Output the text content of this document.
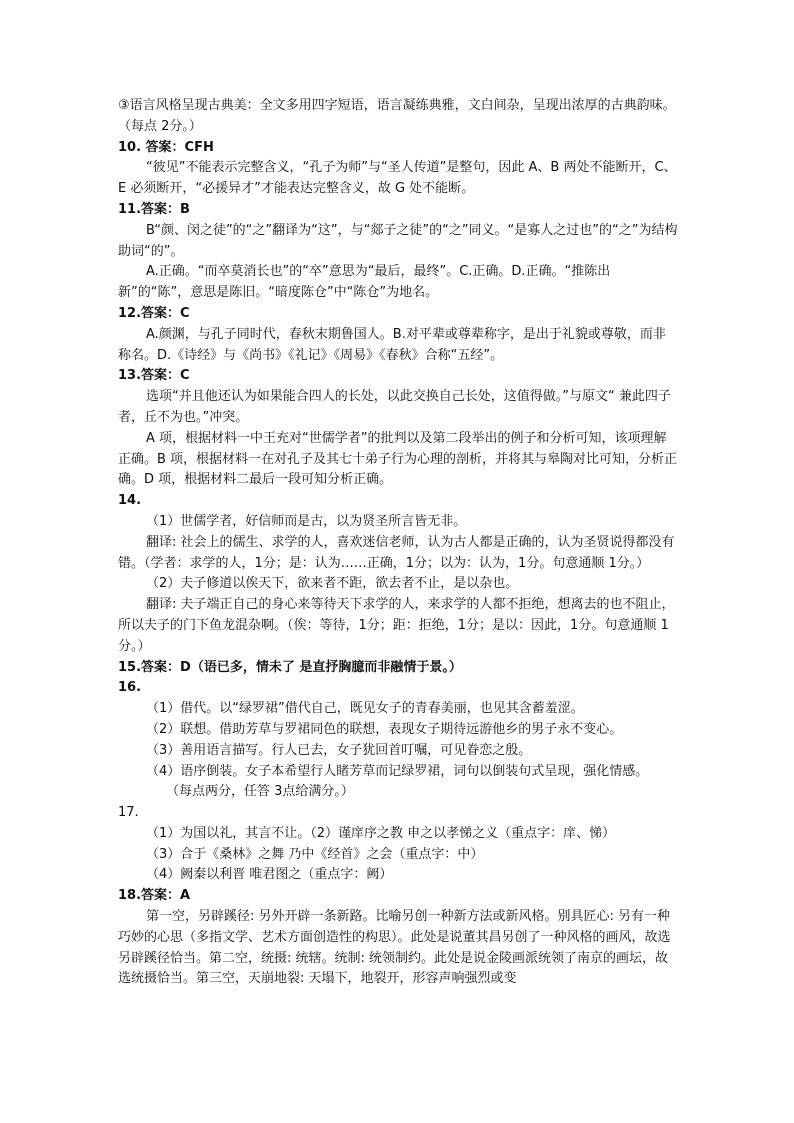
③语言风格呈现古典美：全文多用四字短语，语言凝练典雅，文白间杂，呈现出浓厚的古典韵味。（每点 2分。）

10. 答案：CFH

“彼见”不能表示完整含义，“孔子为师”与“圣人传道”是整句，因此 A、B 两处不能断开，C、E 必须断开，“必援异才”才能表达完整含义，故 G 处不能断。

11.答案：B

B“颜、闵之徒”的“之”翻译为“这”，与“郯子之徒”的“之”同义。“是寡人之过也”的“之”为结构助词“的”。

A.正确。“而卒莫消长也”的“卒”意思为“最后，最终”。C.正确。D.正确。“推陈出新”的“陈”，意思是陈旧。“暗度陈仓”中“陈仓”为地名。

12.答案：C

A.颜渊，与孔子同时代，春秋末期鲁国人。B.对平辈或尊辈称字，是出于礼貌或尊敬，而非称名。D.《诗经》与《尚书》《礼记》《周易》《春秋》合称“五经”。

13.答案：C

选项“并且他还认为如果能合四人的长处，以此交换自己长处，这值得做。”与原文“ 兼此四子者，丘不为也。”冲突。

A 项，根据材料一中王充对“世儒学者”的批判以及第二段举出的例子和分析可知，该项理解正确。B 项，根据材料一在对孔子及其七十弟子行为心理的剖析，并将其与皋陶对比可知，分析正确。D 项，根据材料二最后一段可知分析正确。

14.

（1）世儒学者，好信师而是古，以为贤圣所言皆无非。

翻译: 社会上的儒生、求学的人，喜欢迷信老师，认为古人都是正确的，认为圣贤说得都没有错。（学者：求学的人，1分；是：认为……正确，1分；以为：认为，1分。句意通顺 1分。）

（2）夫子修道以俟天下，欲来者不距，欲去者不止，是以杂也。

翻译: 夫子端正自己的身心来等待天下求学的人，来求学的人都不拒绝，想离去的也不阻止，所以夫子的门下鱼龙混杂啊。（俟：等待，1分；距：拒绝，1分；是以：因此，1分。句意通顺 1分。）

15.答案：D（语已多，情未了 是直抒胸臆而非融情于景。）

16.

（1）借代。以“绿罗裙”借代自己，既见女子的青春美丽，也见其含蓄羞涩。

（2）联想。借助芳草与罗裙同色的联想，表现女子期待远游他乡的男子永不变心。

（3）善用语言描写。行人已去，女子犹回首叮嘱，可见眷恋之殷。

（4）语序倒装。女子本希望行人睹芳草而记绿罗裙，词句以倒装句式呈现，强化情感。

（每点两分，任答 3点给满分。）

17.

（1）为国以礼，其言不让。（2）谨庠序之教 申之以孝悌之义（重点字：庠、悌）

（3）合于《桑林》之舞 乃中《经首》之会（重点字：中）

（4）阙秦以利晋 唯君图之（重点字：阙）

18.答案：A

第一空，另辟蹊径: 另外开辟一条新路。比喻另创一种新方法或新风格。别具匠心: 另有一种巧妙的心思（多指文学、艺术方面创造性的构思）。此处是说董其昌另创了一种风格的画风，故选另辟蹊径恰当。第二空，统摄: 统辖。统制: 统领制约。此处是说金陵画派统领了南京的画坛，故选统摄恰当。第三空，天崩地裂: 天塌下，地裂开，形容声响强烈或变
